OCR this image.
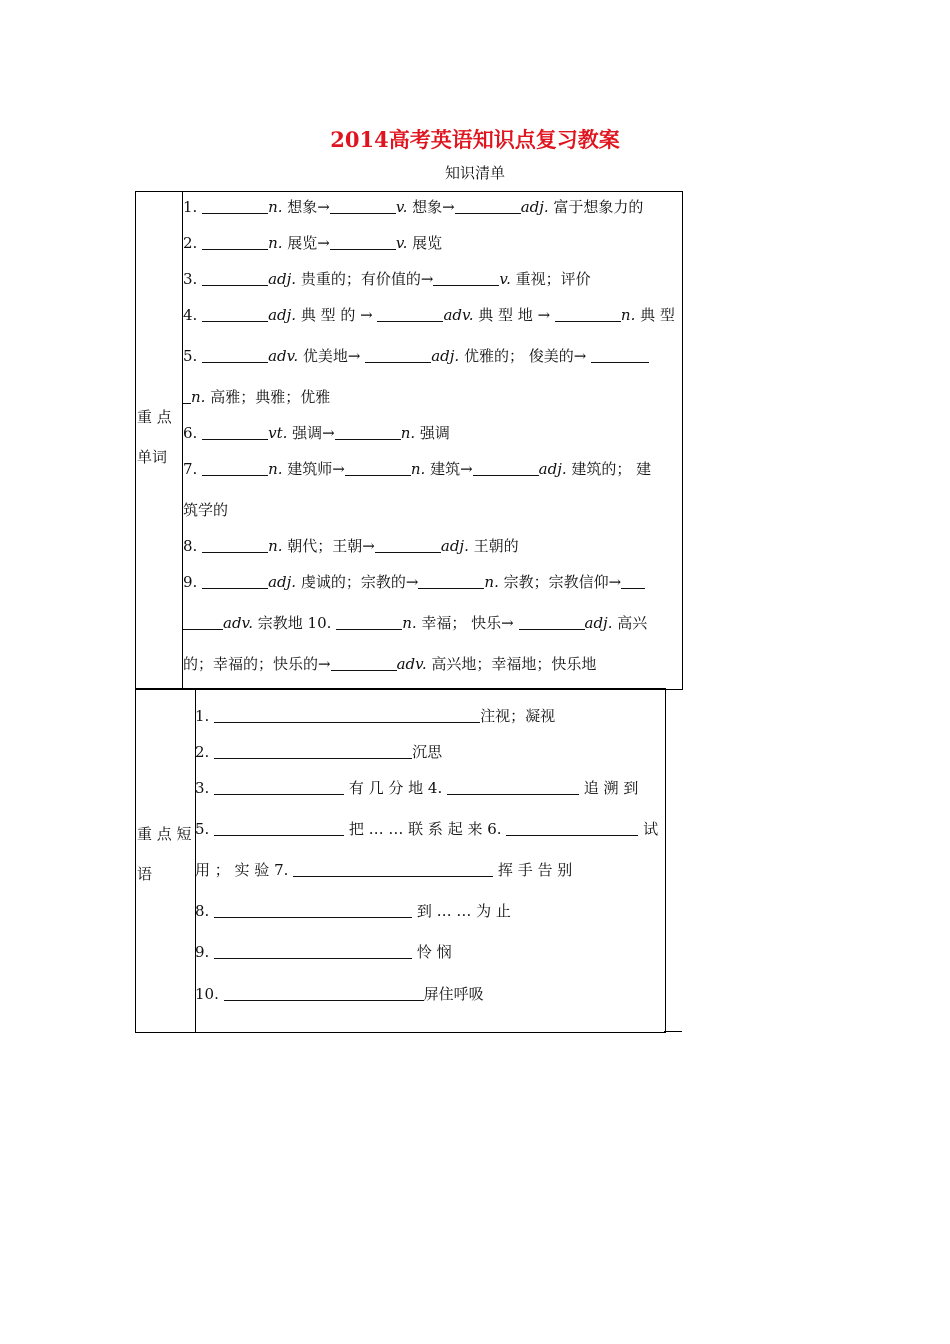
2014高考英语知识点复习教案
知识清单
重 点
单词
1.	n. 想象→	v. 想象→	adj. 富于想象力的
2.	n. 展览→	v. 展览
3.	adj. 贵重的；有价值的→	v. 重视；评价
4.	adj. 典 型 的 →	adv. 典 型 地 →	n. 典 型
5.	adv. 优美地→	adj. 优雅的； 俊美的→
n. 高雅；典雅；优雅
6.	vt. 强调→	n. 强调
7.	n. 建筑师→	n. 建筑→	adj. 建筑的； 建
筑学的
8.	n. 朝代；王朝→	adj. 王朝的
9.	adj. 虔诚的；宗教的→	n. 宗教；宗教信仰→
adv. 宗教地 10.	n. 幸福； 快乐→	adj. 高兴
的；幸福的；快乐的→	adv. 高兴地；幸福地；快乐地
重 点 短
语
1.	注视；凝视
2.	沉思
3.	有 几 分 地 4.	追 溯 到
5.	把 … … 联 系 起 来 6.	试
用 ； 实 验 7.	挥 手 告 别
8.	到 … … 为 止
9.	怜 悯
10.	屏住呼吸
